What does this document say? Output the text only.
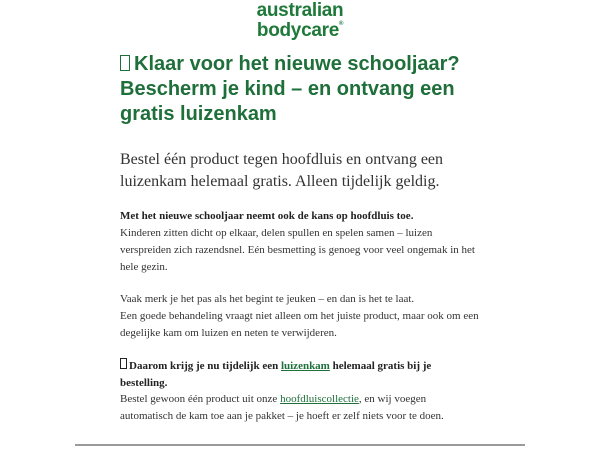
australian
bodycare®
Klaar voor het nieuwe schooljaar? Bescherm je kind – en ontvang een gratis luizenkam

Bestel één product tegen hoofdluis en ontvang een luizenkam helemaal gratis. Alleen tijdelijk geldig.

Met het nieuwe schooljaar neemt ook de kans op hoofdluis toe.

Kinderen zitten dicht op elkaar, delen spullen en spelen samen – luizen verspreiden zich razendsnel. Eén besmetting is genoeg voor veel ongemak in het hele gezin.

Vaak merk je het pas als het begint te jeuken – en dan is het te laat.

Een goede behandeling vraagt niet alleen om het juiste product, maar ook om een degelijke kam om luizen en neten te verwijderen.

Daarom krijg je nu tijdelijk een luizenkam helemaal gratis bij je bestelling.

Bestel gewoon één product uit onze hoofdluiscollectie, en wij voegen automatisch de kam toe aan je pakket – je hoeft er zelf niets voor te doen.
